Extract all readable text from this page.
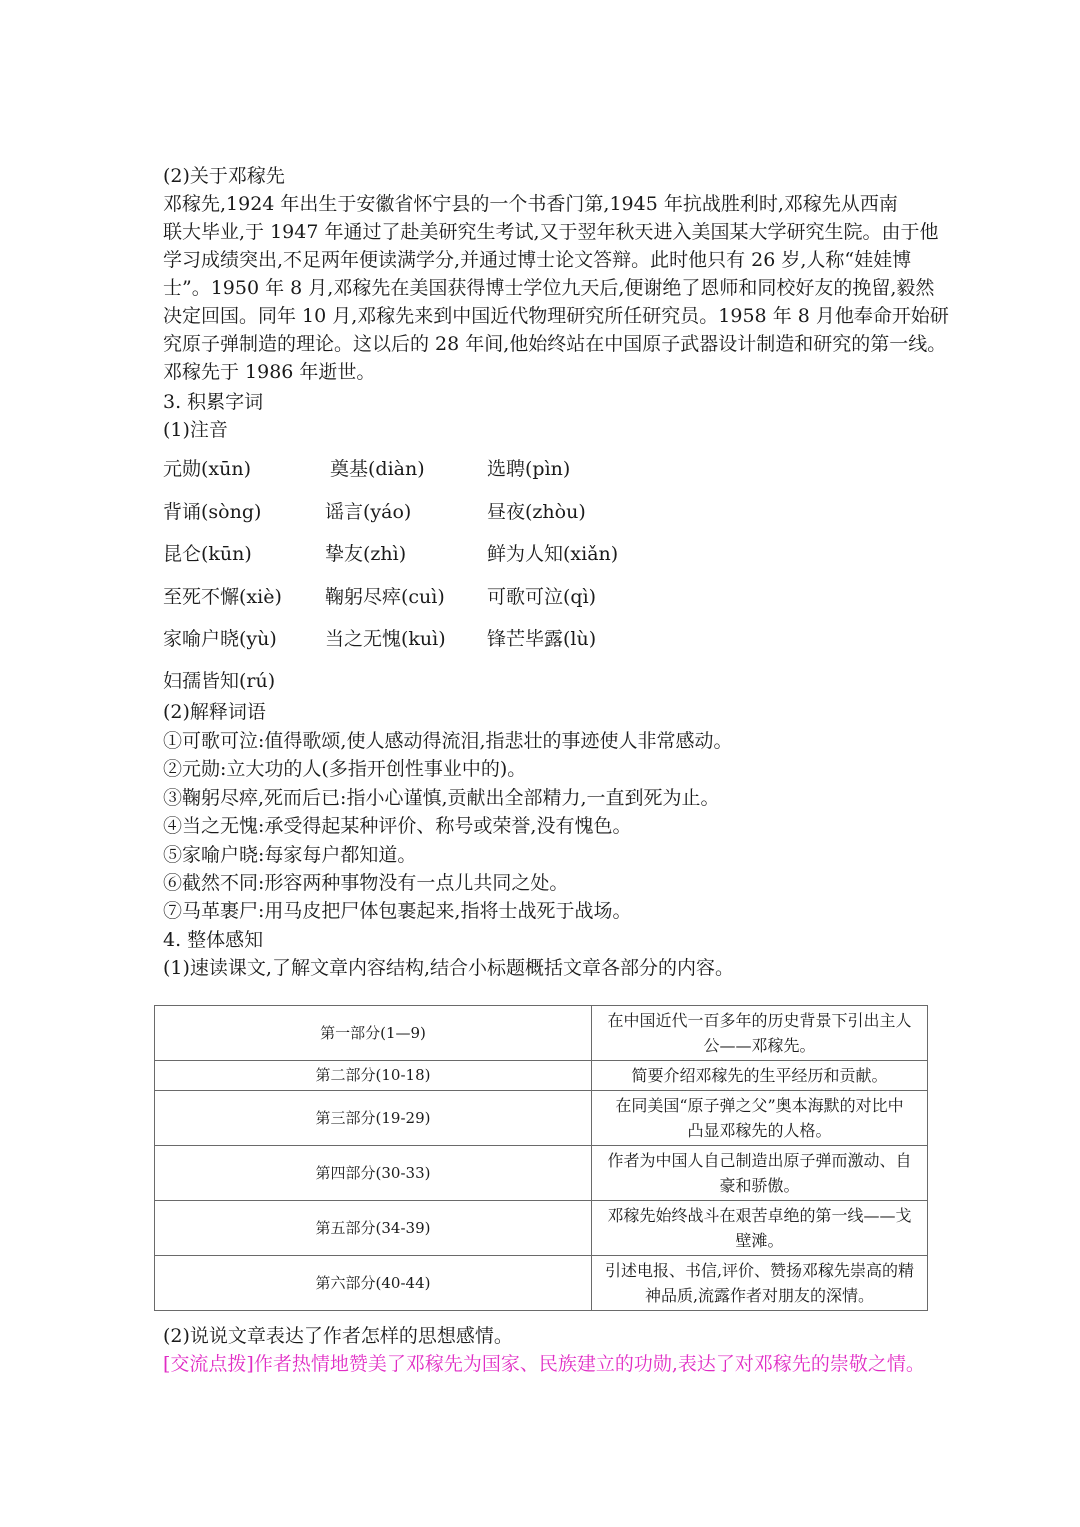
(2)关于邓稼先
邓稼先,1924 年出生于安徽省怀宁县的一个书香门第,1945 年抗战胜利时,邓稼先从西南
联大毕业,于 1947 年通过了赴美研究生考试,又于翌年秋天进入美国某大学研究生院。由于他
学习成绩突出,不足两年便读满学分,并通过博士论文答辩。此时他只有 26 岁,人称“娃娃博
士”。1950 年 8 月,邓稼先在美国获得博士学位九天后,便谢绝了恩师和同校好友的挽留,毅然
决定回国。同年 10 月,邓稼先来到中国近代物理研究所任研究员。1958 年 8 月他奉命开始研
究原子弹制造的理论。这以后的 28 年间,他始终站在中国原子武器设计制造和研究的第一线。
邓稼先于 1986 年逝世。
3. 积累字词
(1)注音
元勋(xūn)	奠基(diàn)	选聘(pìn)
背诵(sòng)	谣言(yáo)	昼夜(zhòu)
昆仑(kūn)	挚友(zhì)	鲜为人知(xiǎn)
至死不懈(xiè) 鞠躬尽瘁(cuì) 可歌可泣(qì)
家喻户晓(yù)	当之无愧(kuì) 锋芒毕露(lù)
妇孺皆知(rú)
(2)解释词语
①可歌可泣:值得歌颂,使人感动得流泪,指悲壮的事迹使人非常感动。
②元勋:立大功的人(多指开创性事业中的)。
③鞠躬尽瘁,死而后已:指小心谨慎,贡献出全部精力,一直到死为止。
④当之无愧:承受得起某种评价、称号或荣誉,没有愧色。
⑤家喻户晓:每家每户都知道。
⑥截然不同:形容两种事物没有一点儿共同之处。
⑦马革裹尸:用马皮把尸体包裹起来,指将士战死于战场。
4. 整体感知
(1)速读课文,了解文章内容结构,结合小标题概括文章各部分的内容。
第一部分(1—9)	在中国近代一百多年的历史背景下引出主人
公——邓稼先。
第二部分(10-18)	简要介绍邓稼先的生平经历和贡献。
第三部分(19-29)	在同美国“原子弹之父”奥本海默的对比中
凸显邓稼先的人格。
第四部分(30-33)	作者为中国人自己制造出原子弹而激动、自
豪和骄傲。
第五部分(34-39)	邓稼先始终战斗在艰苦卓绝的第一线——戈
壁滩。
第六部分(40-44)	引述电报、书信,评价、赞扬邓稼先崇高的精
神品质,流露作者对朋友的深情。
(2)说说文章表达了作者怎样的思想感情。
[交流点拨]作者热情地赞美了邓稼先为国家、民族建立的功勋,表达了对邓稼先的崇敬之情。
